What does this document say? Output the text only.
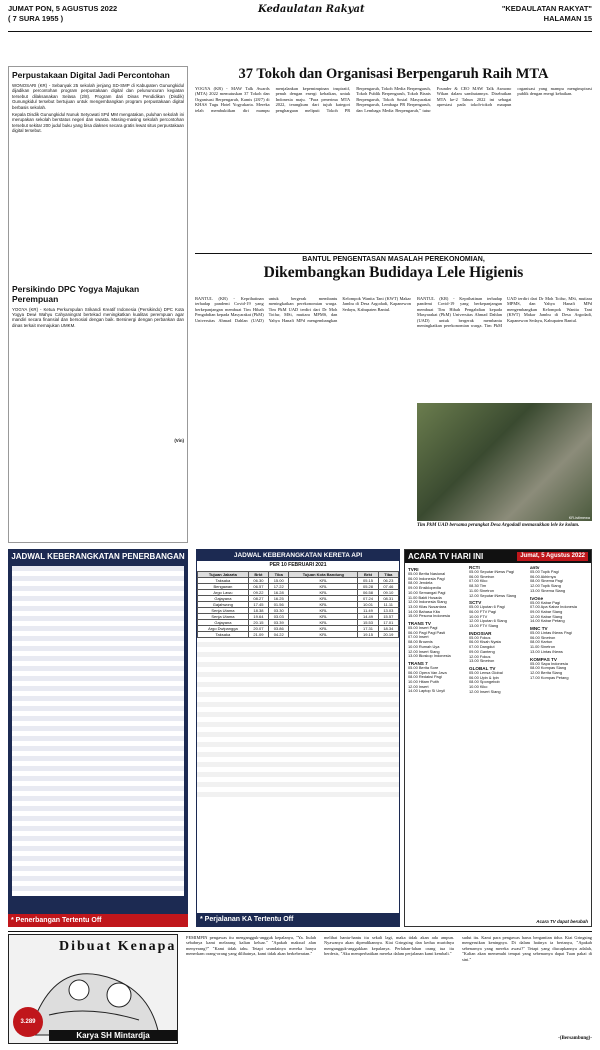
JUMAT PON, 5 AGUSTUS 2022
( 7 SURA 1955 )
Kedaulatan Rakyat	"KEDAULATAN RAKYAT"
HALAMAN 15
Perpustakaan Digital Jadi Percontohan

WONOSARI (KR) - Sebanyak 25 sekolah jenjang SD-SMP di Kabupaten Gunungkidul dijadikan percontohan program perpustakaan digital dan pelununcuran kegiatan tersebut dilaksanakan Selasa (2/8). Program dari Dinas Pendidikan (Disdik) Gunungkidul tersebut bertujuan untuk mengembangkan program perpustakaan digital berbasis sekolah.

Kepala Disdik Gunungkidul Nunuk Setyowati SPd MM mengatakan, puluhan sekolah ini merupakan sekolah berstatus negeri dan swasta. Masing-masing sekolah percontohan tersebut sekitar 200 judul buku yang bisa diakses secara gratis lewat situs perpustakaan digital tersebut.

Persikindo DPC Yogya Majukan Perempuan

YOGYA (KR) - Ketua Perkumpulan Srikandi Kreatif Indonesia (Persikindo) DPC Kota Yogya Dewi Wahyu Cahyaningrat bertekad meningkatkan kualitas perempuan agar mandiri secara finansial dan bersosial dengan baik. Bersinergi dengan perbankan dan dinas terkait memajukan UMKM.

(Vin)
37 Tokoh dan Organisasi Berpengaruh Raih MTA

YOGYA (KR) - MAW Talk Awards (MTA) 2022 memutuskan 37 Tokoh dan Organisasi Berpengaruh, Kamis (28/7) di KHAS Tugu Hotel Yogyakarta. Mereka telah membuktikan diri mampu menjalankan kepemimpinan inspiratif, penuh dengan energi kebaikan, untuk Indonesia maju. "Para penerima MTA 2022, terangkum dari tujuh kategori penghargaan meliputi Tokoh PR Berpengaruh, Tokoh Media Berpengaruh, Tokoh Publik Berpengaruh, Tokoh Bisnis Berpengaruh, Tokoh Sosial Masyarakat Berpengaruh, Lembaga PR Berpengaruh, dan Lembaga Media Berpengaruh," tutur Founder & CEO MAW Talk Asmono Wikan dalam sambutannya. Disebutkan MTA ke-2 Tahun 2022 ini sebagai apresiasi pada tokoh-tokoh maupun organisasi yang mampu menginspirasi publik dengan energi kebaikan.

BANTUL PENGENTASAN MASALAH PEREKONOMIAN,
Dikembangkan Budidaya Lele Higienis

BANTUL (KR) - Keprihatinan terhadap pandemi Covid-19 yang berkepanjangan membuat Tim Hibah Pengabdian kepada Masyarakat (PkM) Universitas Ahmad Dahlan (UAD) untuk bergerak membantu meningkatkan perekonomian warga. Tim PkM UAD terdiri dari Dr Moh Toifur, MSi, mutiara MPMS, dan Yahya Hanafi MPd mengembangkan Kelompok Wanita Tani (KWT) Makar Jambu di Desa Argodadi, Kapanewon Sedayu, Kabupaten Bantul.

BANTUL (KR) - Keprihatinan terhadap pandemi Covid-19 yang berkepanjangan membuat Tim Hibah Pengabdian kepada Masyarakat (PkM) Universitas Ahmad Dahlan (UAD) untuk bergerak membantu meningkatkan perekonomian warga. Tim PkM UAD terdiri dari Dr Moh Toifur, MSi, mutiara MPMS, dan Yahya Hanafi MPd mengembangkan Kelompok Wanita Tani (KWT) Makar Jambu di Desa Argodadi, Kapanewon Sedayu, Kabupaten Bantul.

KR-istimewa
Tim PkM UAD bersama perangkat Desa Argodadi memasukkan lele ke kolam.
JADWAL KEBERANGKATAN PENERBANGAN
* Penerbangan Tertentu Off
JADWAL KEBERANGKATAN KERETA API
PER 10 FEBRUARI 2021
Tujuan Jakarta	Brkt	Tiba	Tujuan Kota Bandung	Brkt	Tiba
Taksaka	06.30	15.00	KRL	05.15	06.23
Bengawan	06.57	17.22	KRL	05.28	07.46
Argo Lawu	09.22	16.28	KRL	06.58	09.10
Gajayana	08.27	16.25	KRL	07.24	08.31
Gajahwong	17.45	01.56	KRL	10.01	11.11
Senja Utama	18.38	03.30	KRL	11.49	13.03
Senja Utama	19.64	03.03	KRL	14.49	15.57
Gajayana	20.15	03.39	KRL	15.53	17.01
Argo Dwipangga	20.07	03.86	KRL	17.31	18.34
Taksaka	21.09	04.22	KRL	19.15	20.19
* Perjalanan KA Tertentu Off
ACARA TV HARI INI	Jumat, 5 Agustus 2022
TVRI
05.00 Berita Nasional
06.00 Indonesia Pagi
08.00 Jendela
09.00 Ensiklopedia
10.00 Semangat Pagi
11.00 Bakti Husada
12.00 Indonesia Siang
13.00 Kilas Nusantara
14.00 Bahasa Kita
15.00 Pesona Indonesia
TRANS TV
05.00 Insert Pagi
06.00 Pagi Pagi Pasti
07.00 Insert
08.00 Brownis
10.00 Rumah Uya
12.00 Insert Siang
13.00 Bioskop Indonesia
TRANS 7
05.00 Berita Sore
06.00 Opera Van Java
08.00 Redaksi Pagi
10.00 Hitam Putih
12.00 Insert
14.00 Laptop Si Unyil
RCTI
05.00 Seputar iNews Pagi
06.00 Sinetron
07.00 Kiko
08.30 Tim
11.00 Sinetron
12.00 Seputar iNews Siang
SCTV
05.00 Liputan 6 Pagi
06.00 FTV Pagi
10.00 FTV
12.00 Liputan 6 Siang
13.00 FTV Siang
INDOSIAR
05.00 Fokus
06.00 Kisah Nyata
07.00 Dangdut
09.00 Ganteng
12.00 Fokus
13.00 Sinetron
GLOBAL TV
05.00 Lensa Global
06.00 Upin & Ipin
08.00 Spongebob
10.00 Kiko
12.00 Insert Siang
antv
05.00 Topik Pagi
06.00 Akhirnya
08.00 Sinema Pagi
12.00 Topik Siang
13.00 Sinema Siang
tvOne
05.00 Kabar Pagi
07.00 Apa Kabar Indonesia
09.00 Kabar Siang
12.00 Kabar Siang
14.00 Kabar Petang
MNC TV
05.00 Lintas iNews Pagi
06.00 Sinetron
08.00 Kartun
11.00 Sinetron
13.00 Lintas iNews
KOMPAS TV
05.00 Sapa Indonesia
08.00 Kompas Siang
12.00 Berita Siang
17.00 Kompas Petang
Acara TV dapat berubah
Dibuat Kenapa
3.289
Karya SH Mintardja

PEMIMPIN pengawas itu mengangguk-angguk kepalanya, "Ya. Itulah sebabnya kami melarang kalian keluar." "Apakah maksud alan menyerang?" "Kami tidak tahu. Tetapi seandainya mereka hanya menerkam orang-orang yang dilihatnya, kami tidak akan berkeberatan."

melihat hantu-hantu itu sekali lagi, maka tidak akan ada ampun. Nyawanya akan dipendikannya. Kiai Gringsing dan kedua muridnya mengangguk-anggukkan kepalanya. Perlahan-lahan orang tua itu berdesis, "Aku memperhatikan mereka dalam perjalanan kami kembali."

sudut itu. Kami para pengawas harus bergantian tidur. Kiai Gringsing mengerutkan keningnya. Di dalam hatinya ia bertanya, "Apakah sebenarnya yang mereka awasi?" Tetapi yang diucapkannya adalah, "Kalian akan memenuhi tempat yang sebenarnya dapat Tuan pakai di sini."

-(Bersambung)-
